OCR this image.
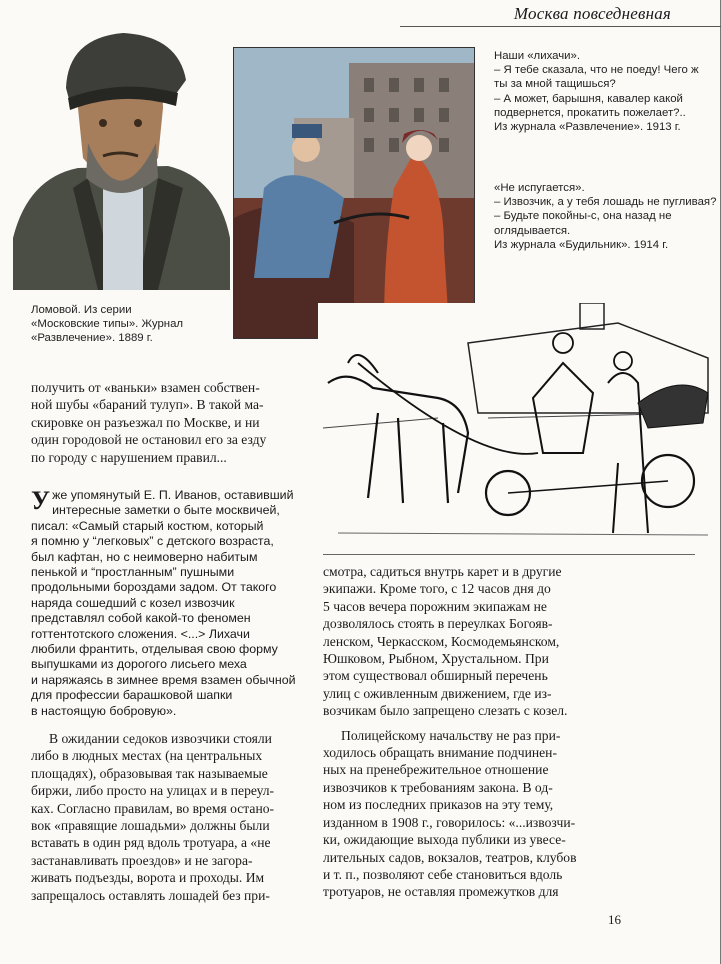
Москва повседневная

Наши «лихачи».

– Я тебе сказала, что не поеду! Чего ж

ты за мной тащишься?

– А может, барышня, кавалер какой

подвернется, прокатить пожелает?..

Из журнала «Развлечение». 1913 г.

«Не испугается».

– Извозчик, а у тебя лошадь не пугливая?

– Будьте покойны-с, она назад не

оглядывается.

Из журнала «Будильник». 1914 г.

Ломовой. Из серии

«Московские типы». Журнал

«Развлечение». 1889 г.

получить от «ваньки» взамен собствен-

ной шубы «бараний тулуп». В такой ма-

скировке он разъезжал по Москве, и ни

один городовой не остановил его за езду

по городу с нарушением правил...

Уже упомянутый Е. П. Иванов, оставивший

интересные заметки о быте москвичей,

писал: «Самый старый костюм, который

я помню у “легковых” с детского возраста,

был кафтан, но с неимоверно набитым

пенькой и “простланным” пушными

продольными бороздами задом. От такого

наряда сошедший с козел извозчик

представлял собой какой-то феномен

готтентотского сложения. <...> Лихачи

любили франтить, отделывая свою форму

выпушками из дорогого лисьего меха

и наряжаясь в зимнее время взамен обычной

для профессии барашковой шапки

в настоящую бобровую».

В ожидании седоков извозчики стояли

либо в людных местах (на центральных

площадях), образовывая так называемые

биржи, либо просто на улицах и в переул-

ках. Согласно правилам, во время остано-

вок «правящие лошадьми» должны были

вставать в один ряд вдоль тротуара, а «не

застанавливать проездов» и не загора-

живать подъезды, ворота и проходы. Им

запрещалось оставлять лошадей без при-

смотра, садиться внутрь карет и в другие

экипажи. Кроме того, с 12 часов дня до

5 часов вечера порожним экипажам не

дозволялось стоять в переулках Богояв-

ленском, Черкасском, Космодемьянском,

Юшковом, Рыбном, Хрустальном. При

этом существовал обширный перечень

улиц с оживленным движением, где из-

возчикам было запрещено слезать с козел.

Полицейскому начальству не раз при-

ходилось обращать внимание подчинен-

ных на пренебрежительное отношение

извозчиков к требованиям закона. В од-

ном из последних приказов на эту тему,

изданном в 1908 г., говорилось: «...извозчи-

ки, ожидающие выхода публики из увесе-

лительных садов, вокзалов, театров, клубов

и т. п., позволяют себе становиться вдоль

тротуаров, не оставляя промежутков для

16
